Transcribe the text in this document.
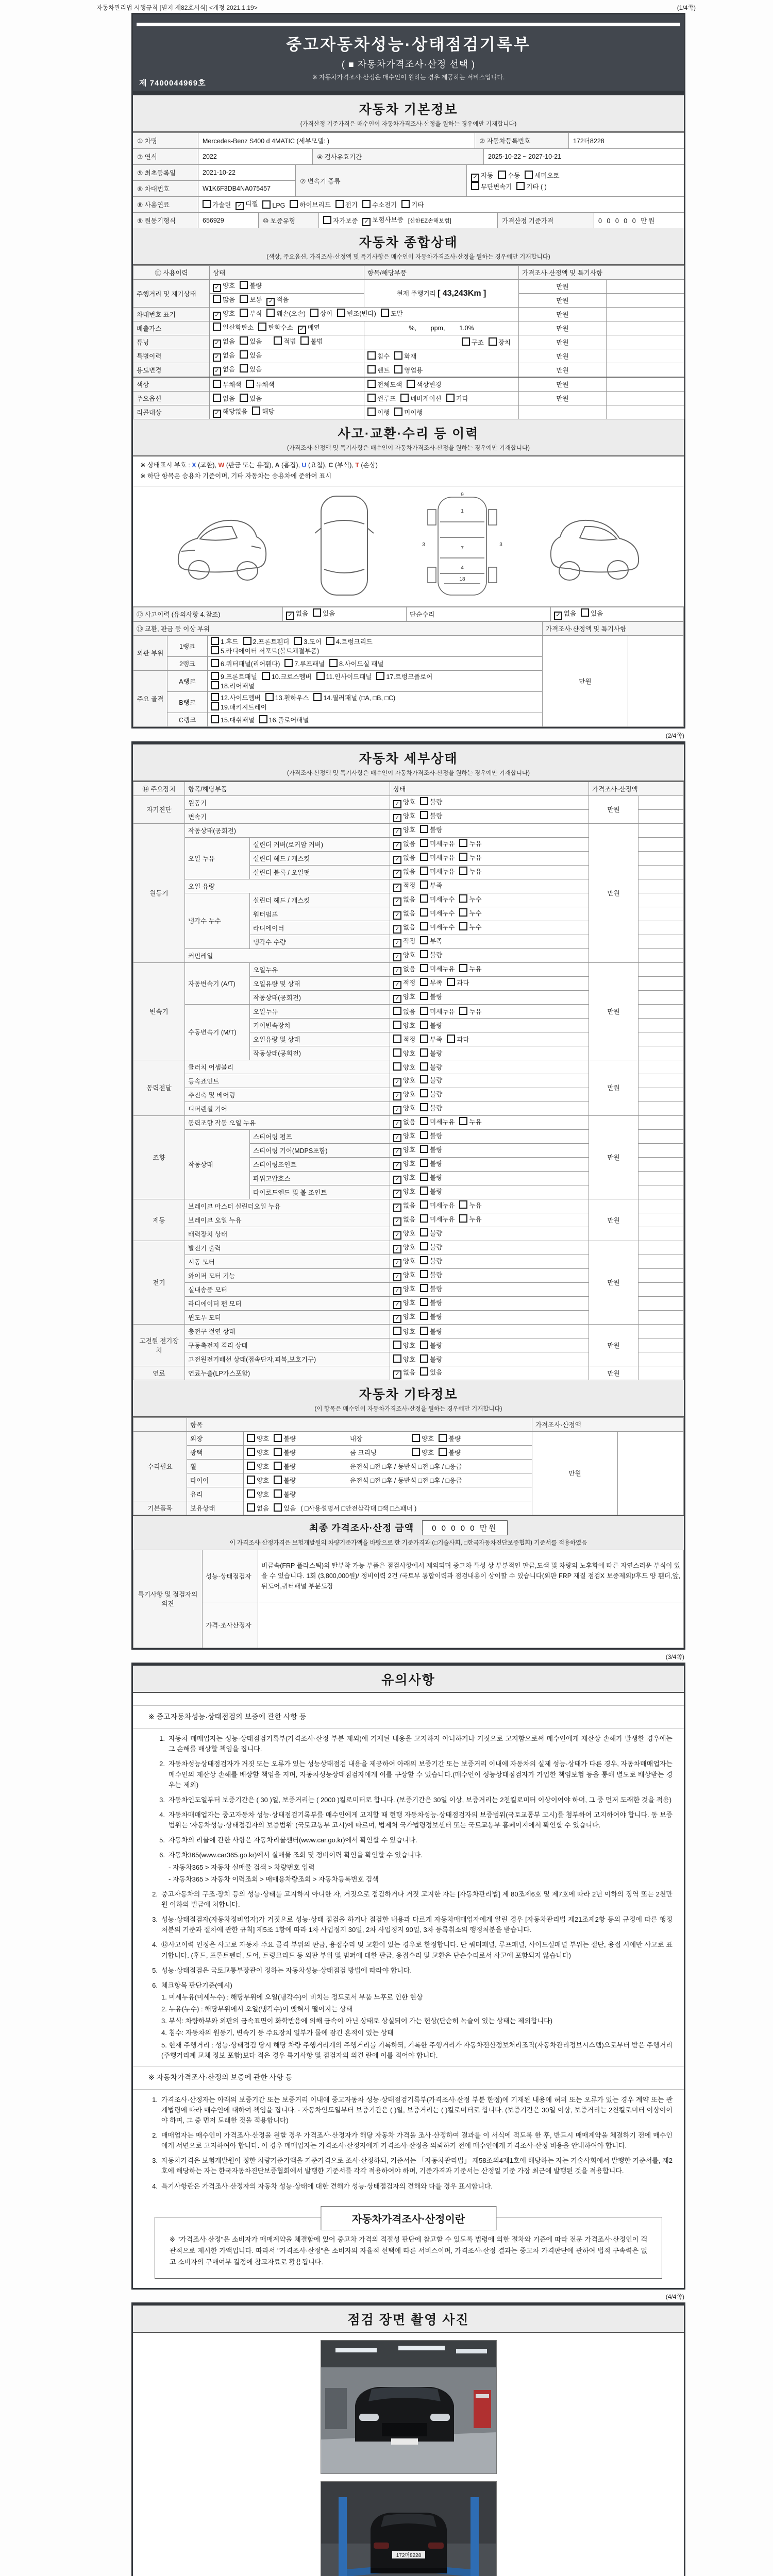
자동차관리법 시행규칙 [별지 제82호서식] <개정 2021.1.19>	(1/4쪽)
중고자동차성능·상태점검기록부
( ■ 자동차가격조사·산정 선택 )
※ 자동차가격조사·산정은 매수인이 원하는 경우 제공하는 서비스입니다.
제 7400044969호
자동차 기본정보
(가격산정 기준가격은 매수인이 자동차가격조사·산정을 원하는 경우에만 기재합니다)
① 차명	Mercedes-Benz S400 d 4MATIC (세부모델: )	② 자동차등록번호	172더8228
③ 연식	2022	④ 검사유효기간	2025-10-22 ~ 2027-10-21
⑤ 최초등록일	2021-10-22
⑥ 차대번호	W1K6F3DB4NA075457
⑦ 변속기 종류
✓ 자동 수동 세미오토
무단변속기 기타 ( )
⑧ 사용연료	가솔린	✓ 디젤	LPG	하이브리드	전기	수소전기	기타
⑨ 원동기형식	656929	⑩ 보증유형	자가보증	✓ 보험사보증 [신한EZ손해보험]	가격산정 기준가격	0 0 0 0 0 만원
자동차 종합상태
(색상, 주요옵션, 가격조사·산정액 및 특기사항은 매수인이 자동차가격조사·산정을 원하는 경우에만 기재합니다)
⑪ 사용이력	상태	항목/해당부품	가격조사·산정액 및 특기사항	
주행거리 및 계기상태	✓ 양호 불량	현재 주행거리 [ 43,243Km ]	만원	
	많음 보통 ✓ 적음		만원	
차대번호 표기	✓ 양호 부식 훼손(오손) 상이 변조(변타) 도말		만원	
배출가스	일산화탄소 탄화수소 ✓ 매연	%,        ppm,        1.0%	만원	
튜닝	✓ 없음 있음 적법 불법	구조 장치	만원	
특별이력	✓ 없음 있음	침수 화재	만원	
용도변경	✓ 없음 있음	렌트 영업용	만원	
색상	무채색 유채색	전체도색 색상변경	만원	
주요옵션	없음 있음	썬루프 네비게이션 기타	만원	
리콜대상	✓ 해당없음 해당	이행 미이행		
사고·교환·수리 등 이력
(가격조사·산정액 및 특기사항은 매수인이 자동차가격조사·산정을 원하는 경우에만 기재합니다)
※ 상태표시 부호 : X (교환), W (판금 또는 용접), A (흠집), U (요철), C (부식), T (손상)
※ 하단 항목은 승용차 기준이며, 기타 자동차는 승용차에 준하여 표시
1
7
4
18
3	3
9
⑫ 사고이력 (유의사항 4.참조)	✓ 없음 있음	단순수리	✓ 없음 있음
⑬ 교환, 판금 등 이상 부위			가격조사·산정액 및 특기사항	
외판 부위	1랭크	1.후드 2.프론트휀더 3.도어 4.트렁크리드
5.라디에이터 서포트(볼트체결부품)	만원	
	2랭크	6.쿼터패널(리어휀다) 7.루프패널 8.사이드실 패널		

주요 골격	A랭크	9.프론트패널 10.크로스멤버 11.인사이드패널 17.트렁크플로어
18.리어패널		

	B랭크	12.사이드멤버 13.휠하우스 14.필러패널 (□A, □B, □C)
19.패키지트레이		

	C랭크	15.대쉬패널 16.플로어패널		
(2/4쪽)
자동차 세부상태
(가격조사·산정액 및 특기사항은 매수인이 자동차가격조사·산정을 원하는 경우에만 기재합니다)
⑭ 주요장치	항목/해당부품		상태	가격조사·산정액	
자기진단	원동기		✓ 양호 불량	만원	
	변속기		✓ 양호 불량		
원동기	작동상태(공회전)		✓ 양호 불량	만원	
	오일 누유	실린더 커버(로커암 커버)	✓ 없음 미세누유 누유		
		실린더 헤드 / 개스킷	✓ 없음 미세누유 누유		
		실린더 블록 / 오일팬	✓ 없음 미세누유 누유		
	오일 유량		✓ 적정 부족		
	냉각수 누수	실린더 헤드 / 개스킷	✓ 없음 미세누수 누수		
		워터펌프	✓ 없음 미세누수 누수		
		라디에이터	✓ 없음 미세누수 누수		
		냉각수 수량	✓ 적정 부족		
	커먼레일		✓ 양호 불량		
변속기	자동변속기 (A/T)	오일누유	✓ 없음 미세누유 누유	만원	
		오일유량 및 상태	✓ 적정 부족 과다		
		작동상태(공회전)	✓ 양호 불량		
	수동변속기 (M/T)	오일누유	없음 미세누유 누유		
		기어변속장치	양호 불량		
		오일유량 및 상태	적정 부족 과다		
		작동상태(공회전)	양호 불량		
동력전달	클러치 어셈블리		양호 불량	만원	
	등속죠인트		✓ 양호 불량		
	추진축 및 베어링		✓ 양호 불량		
	디퍼렌셜 기어		✓ 양호 불량		
조향	동력조향 작동 오일 누유		✓ 없음 미세누유 누유	만원	
	작동상태	스티어링 펌프	✓ 양호 불량		
		스티어링 기어(MDPS포함)	✓ 양호 불량		
		스티어링조인트	✓ 양호 불량		
		파워고압호스	✓ 양호 불량		
		타이로드엔드 및 볼 조인트	✓ 양호 불량		
제동	브레이크 마스터 실린더오일 누유		✓ 없음 미세누유 누유	만원	
	브레이크 오일 누유		✓ 없음 미세누유 누유		
	배력장치 상태		✓ 양호 불량		
전기	발전기 출력		✓ 양호 불량	만원	
	시동 모터		✓ 양호 불량		
	와이퍼 모터 기능		✓ 양호 불량		
	실내송풍 모터		✓ 양호 불량		
	라디에이터 팬 모터		✓ 양호 불량		
	윈도우 모터		✓ 양호 불량		
고전원 전기장치	충전구 절연 상태		양호 불량	만원	
	구동축전지 격리 상태		양호 불량		
	고전원전기배선 상태(접속단자,피복,보호기구)		양호 불량		
연료	연료누출(LP가스포함)		✓ 없음 있음	만원	
자동차 기타정보
(이 항목은 매수인이 자동차가격조사·산정을 원하는 경우에만 기재합니다)
	항목		가격조사·산정액	
수리필요	외장	양호 불량 내장 양호 불량	만원	
	광택	양호 불량 룸 크리닝 양호 불량		
	휠	양호 불량 운전석 □전 □후 / 동반석 □전 □후 / □응급		
	타이어	양호 불량 운전석 □전 □후 / 동반석 □전 □후 / □응급		
	유리	양호 불량		
기본품목	보유상태	없음 있음 ( □사용설명서 □안전삼각대 □잭 □스패너 )		
최종 가격조사·산정 금액	0 0 0 0 0 만원
이 가격조사·산정가격은 보험개발원의 차량기준가액을 바탕으로 한 기준가격과 (□기술사회, □한국자동차진단보증협회) 기준서를 적용하였음
특기사항 및 점검자의 의견	성능·상태점검자	비금속(FRP 플라스틱)의 탈부착 가능 부품은 점검사항에서 제외되며 중고차 특성 상 부분적인 판금,도색 및 차량의 노후화에 따른 자연스러운 부식이 있을 수 있습니다. 1회 (3,800,000원)/ 정비이력 2건 /국토부 통합이력과 점검내용이 상이할 수 있습니다(외판 FRP 재질 점검X 보증제외)/후드 양 휀더,앞,뒤도어,쿼터패널 부분도장
	가격·조사산정자	
(3/4쪽)
유의사항
※ 중고자동차성능·상태점검의 보증에 관한 사항 등
1. 자동차 매매업자는 성능·상태점검기록부(가격조사·산정 부분 제외)에 기재된 내용을 고지하지 아니하거나 거짓으로 고지함으로써 매수인에게 재산상 손해가 발생한 경우에는 그 손해를 배상할 책임을 집니다.
2. 자동차성능상태점검자가 거짓 또는 오류가 있는 성능상태점검 내용을 제공하여 아래의 보증기간 또는 보증거리 이내에 자동차의 실제 성능·상태가 다른 경우, 자동차매매업자는 매수인의 재산상 손해를 배상할 책임을 지며, 자동차성능상태점검자에게 이를 구상할 수 있습니다.(매수인이 성능상태점검자가 가입한 책임보험 등을 통해 별도로 배상받는 경우는 제외)
3. 자동차인도일부터 보증기간은 ( 30 )일, 보증거리는 ( 2000 )킬로미터로 합니다. (보증기간은 30일 이상, 보증거리는 2천킬로미터 이상이어야 하며, 그 중 먼저 도래한 것을 적용)
4. 자동차매매업자는 중고자동차 성능·상태점검기록부를 매수인에게 고지할 때 현행 자동차성능·상태점검자의 보증범위(국토교통부 고시)를 첨부하여 고지하여야 합니다. 동 보증범위는 '자동차성능·상태점검자의 보증범위' (국토교통부 고시)에 따르며, 법제처 국가법령정보센터 또는 국토교통부 홈페이지에서 확인할 수 있습니다.
5. 자동차의 리콜에 관한 사항은 자동차리콜센터(www.car.go.kr)에서 확인할 수 있습니다.
6. 자동차365(www.car365.go.kr)에서 실매물 조회 및 정비이력 확인을 확인할 수 있습니다.
- 자동차365 > 자동차 실매물 검색 > 차량번호 입력
- 자동차365 > 자동차 이력조회 > 매매용차량조회 > 자동차등록번호 검색
2. 중고자동차의 구조·장치 등의 성능·상태를 고지하지 아니한 자, 거짓으로 점검하거나 거짓 고지한 자는 [자동차관리법] 제 80조제6호 및 제7호에 따라 2년 이하의 징역 또는 2천만원 이하의 벌금에 처합니다.
3. 성능·상태점검자(자동차정비업자)가 거짓으로 성능·상태 점검을 하거나 점검한 내용과 다르게 자동차매매업자에게 알린 경우 [자동차관리법 제21조제2항 등의 규정에 따른 행정처분의 기준과 절차에 관한 규칙] 제5조 1항에 따라 1차 사업정지 30일, 2차 사업정지 90일, 3차 등록취소의 행정처분을 받습니다.
4. ⑫사고이력 인정은 사고로 자동차 주요 골격 부위의 판금, 용접수리 및 교환이 있는 경우로 한정합니다. 단 쿼터패널, 루프패널, 사이드실패널 부위는 절단, 용접 시에만 사고로 표기합니다. (후드, 프론트펜더, 도어, 트렁크리드 등 외판 부위 및 범퍼에 대한 판금, 용접수리 및 교환은 단순수리로서 사고에 포함되지 않습니다)
5. 성능·상태점검은 국토교통부장관이 정하는 자동차성능·상태점검 방법에 따라야 합니다.
6. 체크항목 판단기준(예시)
1. 미세누유(미세누수) : 해당부위에 오일(냉각수)이 비치는 정도로서 부품 노후로 인한 현상
2. 누유(누수) : 해당부위에서 오일(냉각수)이 맺혀서 떨어지는 상태
3. 부식: 차량하부와 외판의 금속표면이 화학반응에 의해 금속이 아닌 상태로 상실되어 가는 현상(단순히 녹슬어 있는 상태는 제외합니다)
4. 침수: 자동차의 원동기, 변속기 등 주요장치 일부가 물에 잠긴 흔적이 있는 상태
5. 현재 주행거리 : 성능·상태점검 당시 해당 차량 주행거리계의 주행거리를 기록하되, 기록한 주행거리가 자동차전산정보처리조직(자동차관리정보시스템)으로부터 받은 주행거리(주행거리계 교체 정보 포함)보다 적은 경우 특기사항 및 점검자의 의견 란에 이를 적어야 합니다.
※ 자동차가격조사·산정의 보증에 관한 사항 등
1. 가격조사·산정자는 아래의 보증기간 또는 보증거리 이내에 중고자동차 성능·상태점검기록부(가격조사·산정 부분 한정)에 기재된 내용에 허위 또는 오류가 있는 경우 계약 또는 관계법령에 따라 매수인에 대하여 책임을 집니다. · 자동차인도일부터 보증기간은 ( )일, 보증거리는 ( )킬로미터로 합니다. (보증기간은 30일 이상, 보증거리는 2천킬로미터 이상이어야 하며, 그 중 먼저 도래한 것을 적용합니다)
2. 매매업자는 매수인이 가격조사·산정을 원할 경우 가격조사·산정자가 해당 자동차 가격을 조사·산정하여 결과를 이 서식에 적도록 한 후, 반드시 매매계약을 체결하기 전에 매수인에게 서면으로 고지하여야 합니다. 이 경우 매매업자는 가격조사·산정자에게 가격조사·산정을 의뢰하기 전에 매수인에게 가격조사·산정 비용을 안내하여야 합니다.
3. 자동차가격은 보험개발원이 정한 차량기준가액을 기준가격으로 조사·산정하되, 기준서는 「자동차관리법」 제58조의4제1호에 해당하는 자는 기술사회에서 발행한 기준서를, 제2호에 해당하는 자는 한국자동차진단보증협회에서 발행한 기준서를 각각 적용하여야 하며, 기준가격과 기준서는 산정일 기준 가장 최근에 발행된 것을 적용합니다.
4. 특기사항란은 가격조사·산정자의 자동차 성능·상태에 대한 견해가 성능·상태점검자의 견해와 다를 경우 표시합니다.
자동차가격조사·산정이란
※ "가격조사·산정"은 소비자가 매매계약을 체결함에 있어 중고차 가격의 적절성 판단에 참고할 수 있도록 법령에 의한 절차와 기준에 따라 전문 가격조사·산정인이 객관적으로 제시한 가액입니다. 따라서 "가격조사·산정"은 소비자의 자율적 선택에 따른 서비스이며, 가격조사·산정 결과는 중고차 가격판단에 관하여 법적 구속력은 없고 소비자의 구매여부 결정에 참고자료로 활용됩니다.
(4/4쪽)
점검 장면 촬영 사진
172더8228
